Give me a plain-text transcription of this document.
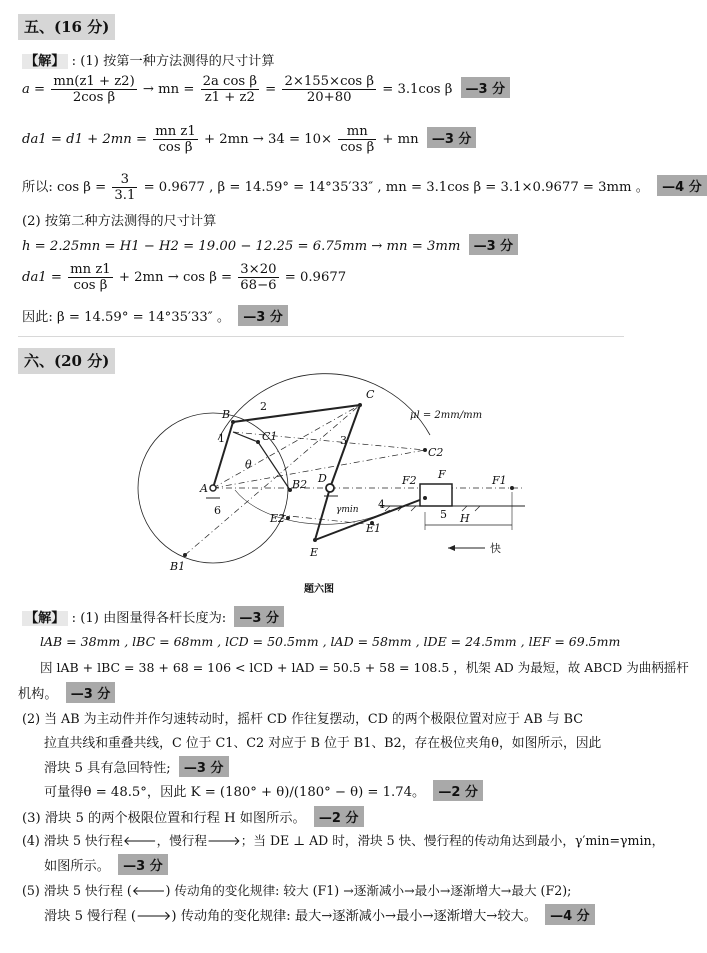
五、(16 分)
【解】 : (1) 按第一种方法测得的尺寸计算
$a = \frac{mn(z1 + z2)}{\text{2cos β}}$ → mn = $\frac{\text{2a cos β}}{z1 + z2} = \frac{\text{2×155×cos β}}{20+80} = 3.1\cos$ β —3 分
$da1 = d1 + 2mn = \frac{\text{mn z1}}{\text{cos β}} + 2mn \to 34 = 10\times \frac{mn}{\text{cos β}}$ + mn —3 分
所以: $\cos \beta = \frac{3}{3.1} = 0.9677$ , β = 14.59° = 14°35′33″ , mn = 3.1cos β = 3.1×0.9677 = 3mm 。 —4 分
(2) 按第二种方法测得的尺寸计算
h = 2.25mn = H1 − H2 = 19.00 − 12.25 = 6.75mm → mn = 3mm —3 分
$da1 = \frac{\text{mn z1}}{\text{cos β}} + 2mn \to \cos \beta = \frac{3\times 20}{68-6} = 0.9677$
因此: β = 14.59° = 14°35′33″ 。 —3 分
六、(20 分)
B
C
C1
C2
A	B2 D
E2
E1
E
F
F2	F1
B1
H
θ
γmin
μl = 2mm/mm
1
2
3
4
5
6
快
题六图
【解】 : (1) 由图量得各杆长度为: —3 分
lAB = 38mm , lBC = 68mm , lCD = 50.5mm , lAD = 58mm , lDE = 24.5mm , lEF = 69.5mm
因 lAB + lBC = 38 + 68 = 106 < lCD + lAD = 50.5 + 58 = 108.5 ，机架 AD 为最短，故 ABCD 为曲柄摇杆
机构。 —3 分
(2) 当 AB 为主动件并作匀速转动时，摇杆 CD 作往复摆动，CD 的两个极限位置对应于 AB 与 BC
拉直共线和重叠共线，C 位于 C1、C2 对应于 B 位于 B1、B2，存在极位夹角θ，如图所示，因此
滑块 5 具有急回特性; —3 分
可量得θ = 48.5°，因此 K = (180° + θ)/(180° − θ) = 1.74。 —2 分
(3) 滑块 5 的两个极限位置和行程 H 如图所示。 —2 分
(4) 滑块 5 快行程🡐，慢行程🡒；当 DE ⊥ AD 时，滑块 5 快、慢行程的传动角达到最小，γ′min=γmin，
如图所示。 —3 分
(5) 滑块 5 快行程 (🡐) 传动角的变化规律: 较大 (F1) →逐渐减小→最小→逐渐增大→最大 (F2);
滑块 5 慢行程 (🡒) 传动角的变化规律: 最大→逐渐减小→最小→逐渐增大→较大。 —4 分
